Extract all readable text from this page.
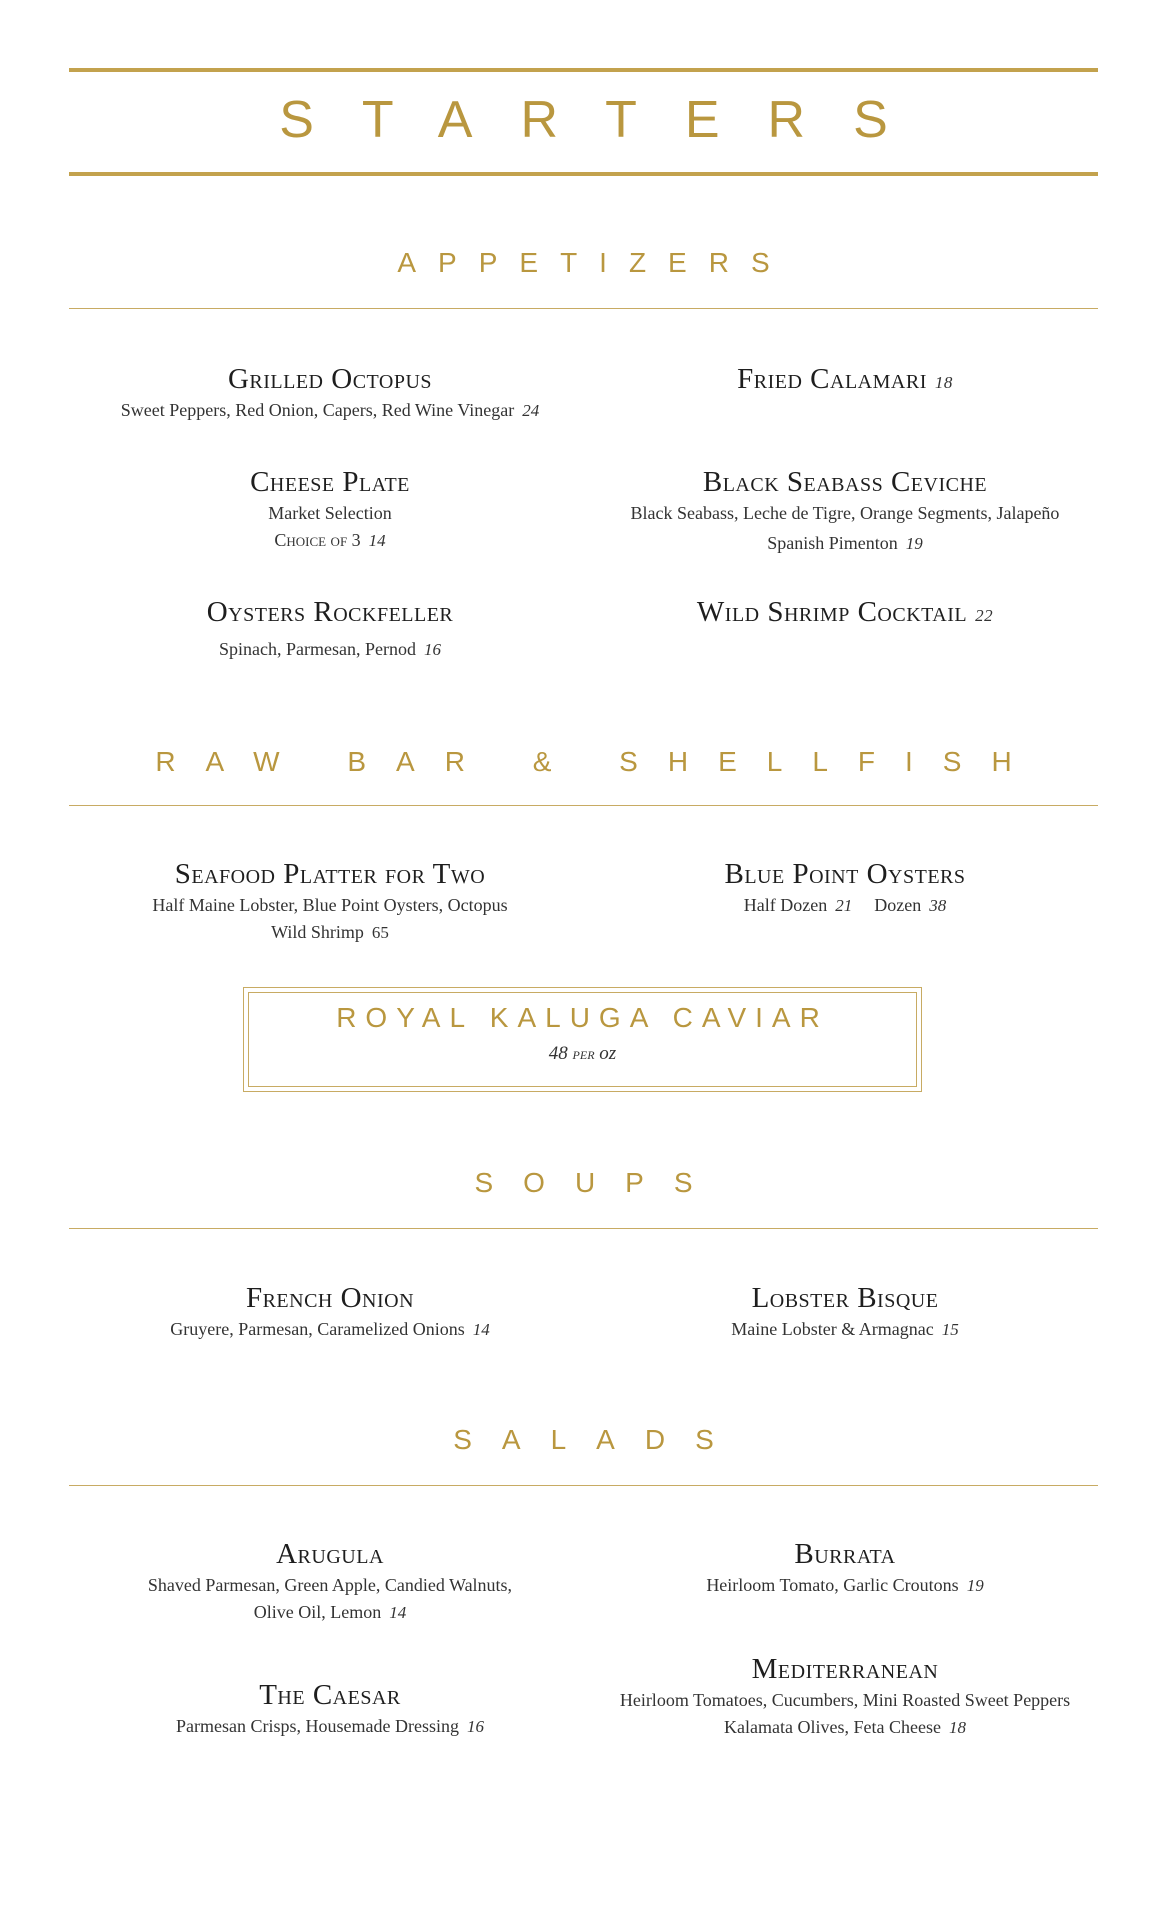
STARTERS
APPETIZERS
Grilled Octopus
Sweet Peppers, Red Onion, Capers, Red Wine Vinegar 24
Fried Calamari 18
Cheese Plate
Market Selection
Choice of 3 14
Black Seabass Ceviche
Black Seabass, Leche de Tigre, Orange Segments, Jalapeño
Spanish Pimenton 19
Oysters Rockfeller
Spinach, Parmesan, Pernod 16
Wild Shrimp Cocktail 22
RAW BAR & SHELLFISH
Seafood Platter for Two
Half Maine Lobster, Blue Point Oysters, Octopus
Wild Shrimp 65
Blue Point Oysters
Half Dozen 21 Dozen 38
ROYAL KALUGA CAVIAR
48 per oz
SOUPS
French Onion
Gruyere, Parmesan, Caramelized Onions 14
Lobster Bisque
Maine Lobster & Armagnac 15
SALADS
Arugula
Shaved Parmesan, Green Apple, Candied Walnuts,
Olive Oil, Lemon 14
Burrata
Heirloom Tomato, Garlic Croutons 19
The Caesar
Parmesan Crisps, Housemade Dressing 16
Mediterranean
Heirloom Tomatoes, Cucumbers, Mini Roasted Sweet Peppers
Kalamata Olives, Feta Cheese 18
